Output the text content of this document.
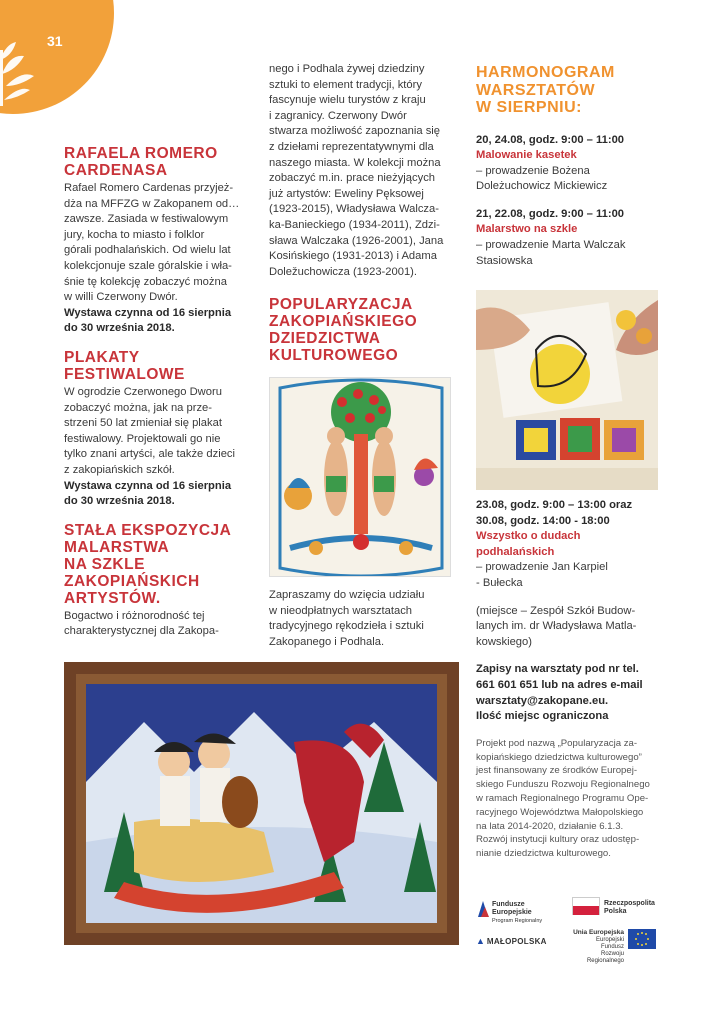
31
RAFAELA ROMERO
CARDENASA

Rafael Romero Cardenas przyjeż-
dża na MFFZG w Zakopanem od…
zawsze. Zasiada w festiwalowym
jury, kocha to miasto i folklor
górali podhalańskich. Od wielu lat
kolekcjonuje szale góralskie i wła-
śnie tę kolekcję zobaczyć można
w willi Czerwony Dwór.

Wystawa czynna od 16 sierpnia
do 30 września 2018.

PLAKATY
FESTIWALOWE

W ogrodzie Czerwonego Dworu
zobaczyć można, jak na prze-
strzeni 50 lat zmieniał się plakat
festiwalowy. Projektowali go nie
tylko znani artyści, ale także dzieci
z zakopiańskich szkół.

Wystawa czynna od 16 sierpnia
do 30 września 2018.

STAŁA EKSPOZYCJA
MALARSTWA
NA SZKLE
ZAKOPIAŃSKICH
ARTYSTÓW.

Bogactwo i różnorodność tej
charakterystycznej dla Zakopa-

nego i Podhala żywej dziedziny
sztuki to element tradycji, który
fascynuje wielu turystów z kraju
i zagranicy. Czerwony Dwór
stwarza możliwość zapoznania się
z dziełami reprezentatywnymi dla
naszego miasta. W kolekcji można
zobaczyć m.in. prace nieżyjących
już artystów: Eweliny Pęksowej
(1923-2015), Władysława Walcza-
ka-Banieckiego (1934-2011), Zdzi-
sława Walczaka (1926-2001), Jana
Kosińskiego (1931-2013) i Adama
Doležuchowicza (1923-2001).

POPULARYZACJA
ZAKOPIAŃSKIEGO
DZIEDZICTWA
KULTUROWEGO

Zapraszamy do wzięcia udziału
w nieodpłatnych warsztatach
tradycyjnego rękodzieła i sztuki
Zakopanego i Podhala.

HARMONOGRAM
WARSZTATÓW
W SIERPNIU:

20, 24.08, godz. 9:00 – 11:00

Malowanie kasetek

– prowadzenie Bożena
Doleżuchowicz Mickiewicz

21, 22.08, godz. 9:00 – 11:00

Malarstwo na szkle

– prowadzenie Marta Walczak
Stasiowska

23.08, godz. 9:00 – 13:00 oraz
30.08, godz. 14:00 - 18:00

Wszystko o dudach
podhalańskich

– prowadzenie Jan Karpiel
- Bułecka

(miejsce – Zespół Szkół Budow-
lanych im. dr Władysława Matla-
kowskiego)

Zapisy na warsztaty pod nr tel.
661 601 651 lub na adres e-mail
warsztaty@zakopane.eu.
Ilość miejsc ograniczona

Projekt pod nazwą „Popularyzacja za-
kopiańskiego dziedzictwa kulturowego”
jest finansowany ze środków Europej-
skiego Funduszu Rozwoju Regionalnego
w ramach Regionalnego Programu Ope-
racyjnego Województwa Małopolskiego
na lata 2014-2020, działanie 6.1.3.
Rozwój instytucji kultury oraz udostęp-
nianie dziedzictwa kulturowego.

Fundusze
Europejskie
Program Regionalny
Rzeczpospolita
Polska
▲ MAŁOPOLSKA
Unia Europejska
Europejski Fundusz
Rozwoju Regionalnego
